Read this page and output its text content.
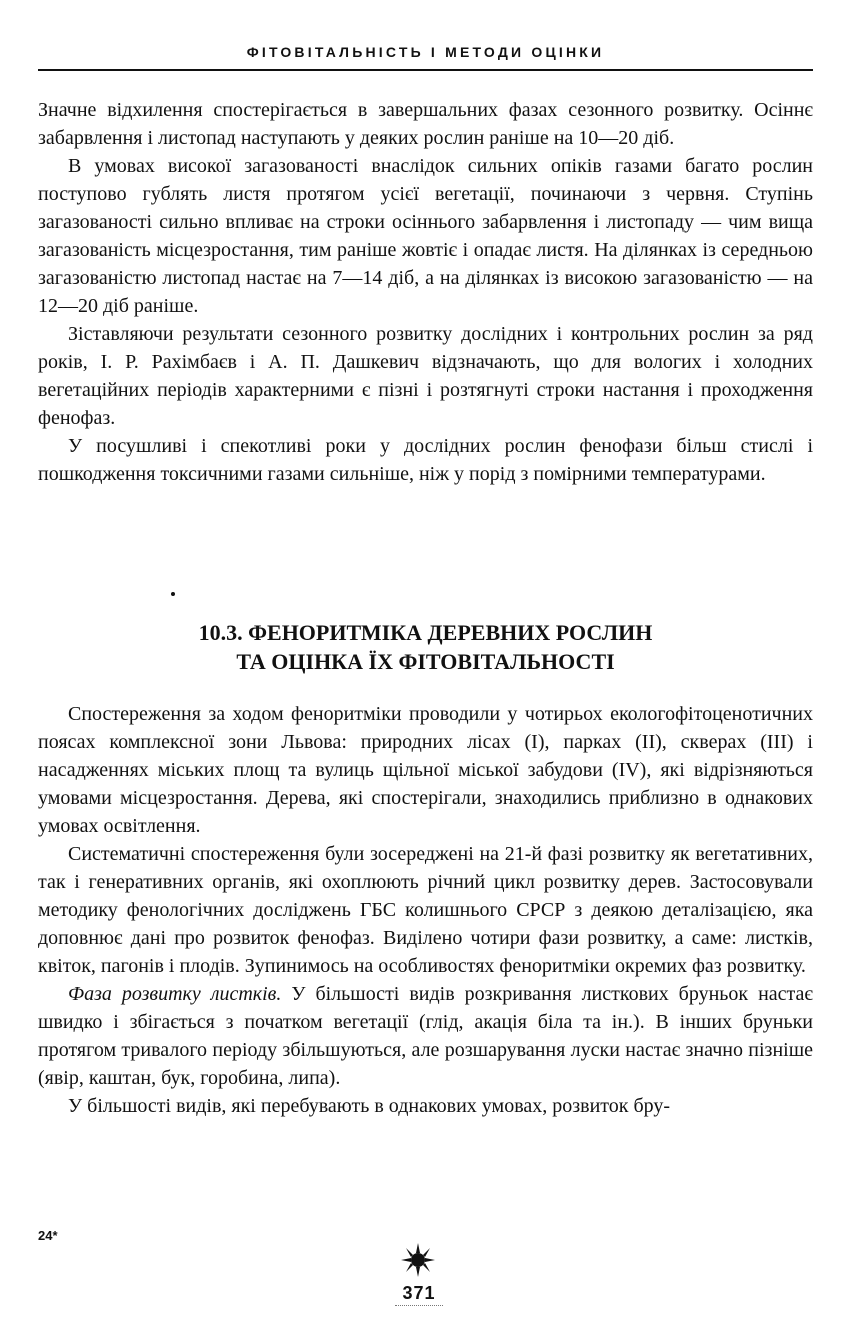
ФІТОВІТАЛЬНІСТЬ І МЕТОДИ ОЦІНКИ

Значне відхилення спостерігається в завершальних фазах сезонного розвитку. Осіннє забарвлення і листопад наступають у деяких рослин раніше на 10—20 діб.

В умовах високої загазованості внаслідок сильних опіків газами багато рослин поступово гублять листя протягом усієї вегетації, починаючи з червня. Ступінь загазованості сильно впливає на строки осіннього забарвлення і листопаду — чим вища загазованість місцезростання, тим раніше жовтіє і опадає листя. На ділянках із середньою загазованістю листопад настає на 7—14 діб, а на ділянках із високою загазованістю — на 12—20 діб раніше.

Зіставляючи результати сезонного розвитку дослідних і контрольних рослин за ряд років, І. Р. Рахімбаєв і А. П. Дашкевич відзначають, що для вологих і холодних вегетаційних періодів характерними є пізні і розтягнуті строки настання і проходження фенофаз.

У посушливі і спекотливі роки у дослідних рослин фенофази більш стислі і пошкодження токсичними газами сильніше, ніж у порід з помірними температурами.

10.3. ФЕНОРИТМІКА ДЕРЕВНИХ РОСЛИН
ТА ОЦІНКА ЇХ ФІТОВІТАЛЬНОСТІ

Спостереження за ходом феноритміки проводили у чотирьох екологофітоценотичних поясах комплексної зони Львова: природних лісах (І), парках (ІІ), скверах (ІІІ) і насадженнях міських площ та вулиць щільної міської забудови (IV), які відрізняються умовами місцезростання. Дерева, які спостерігали, знаходились приблизно в однакових умовах освітлення.

Систематичні спостереження були зосереджені на 21-й фазі розвитку як вегетативних, так і генеративних органів, які охоплюють річний цикл розвитку дерев. Застосовували методику фенологічних досліджень ГБС колишнього СРСР з деякою деталізацією, яка доповнює дані про розвиток фенофаз. Виділено чотири фази розвитку, а саме: листків, квіток, пагонів і плодів. Зупинимось на особливостях феноритміки окремих фаз розвитку.

Фаза розвитку листків. У більшості видів розкривання листкових бруньок настає швидко і збігається з початком вегетації (глід, акація біла та ін.). В інших бруньки протягом тривалого періоду збільшуються, але розшарування луски настає значно пізніше (явір, каштан, бук, горобина, липа).

У більшості видів, які перебувають в однакових умовах, розвиток бру-

24*
371
